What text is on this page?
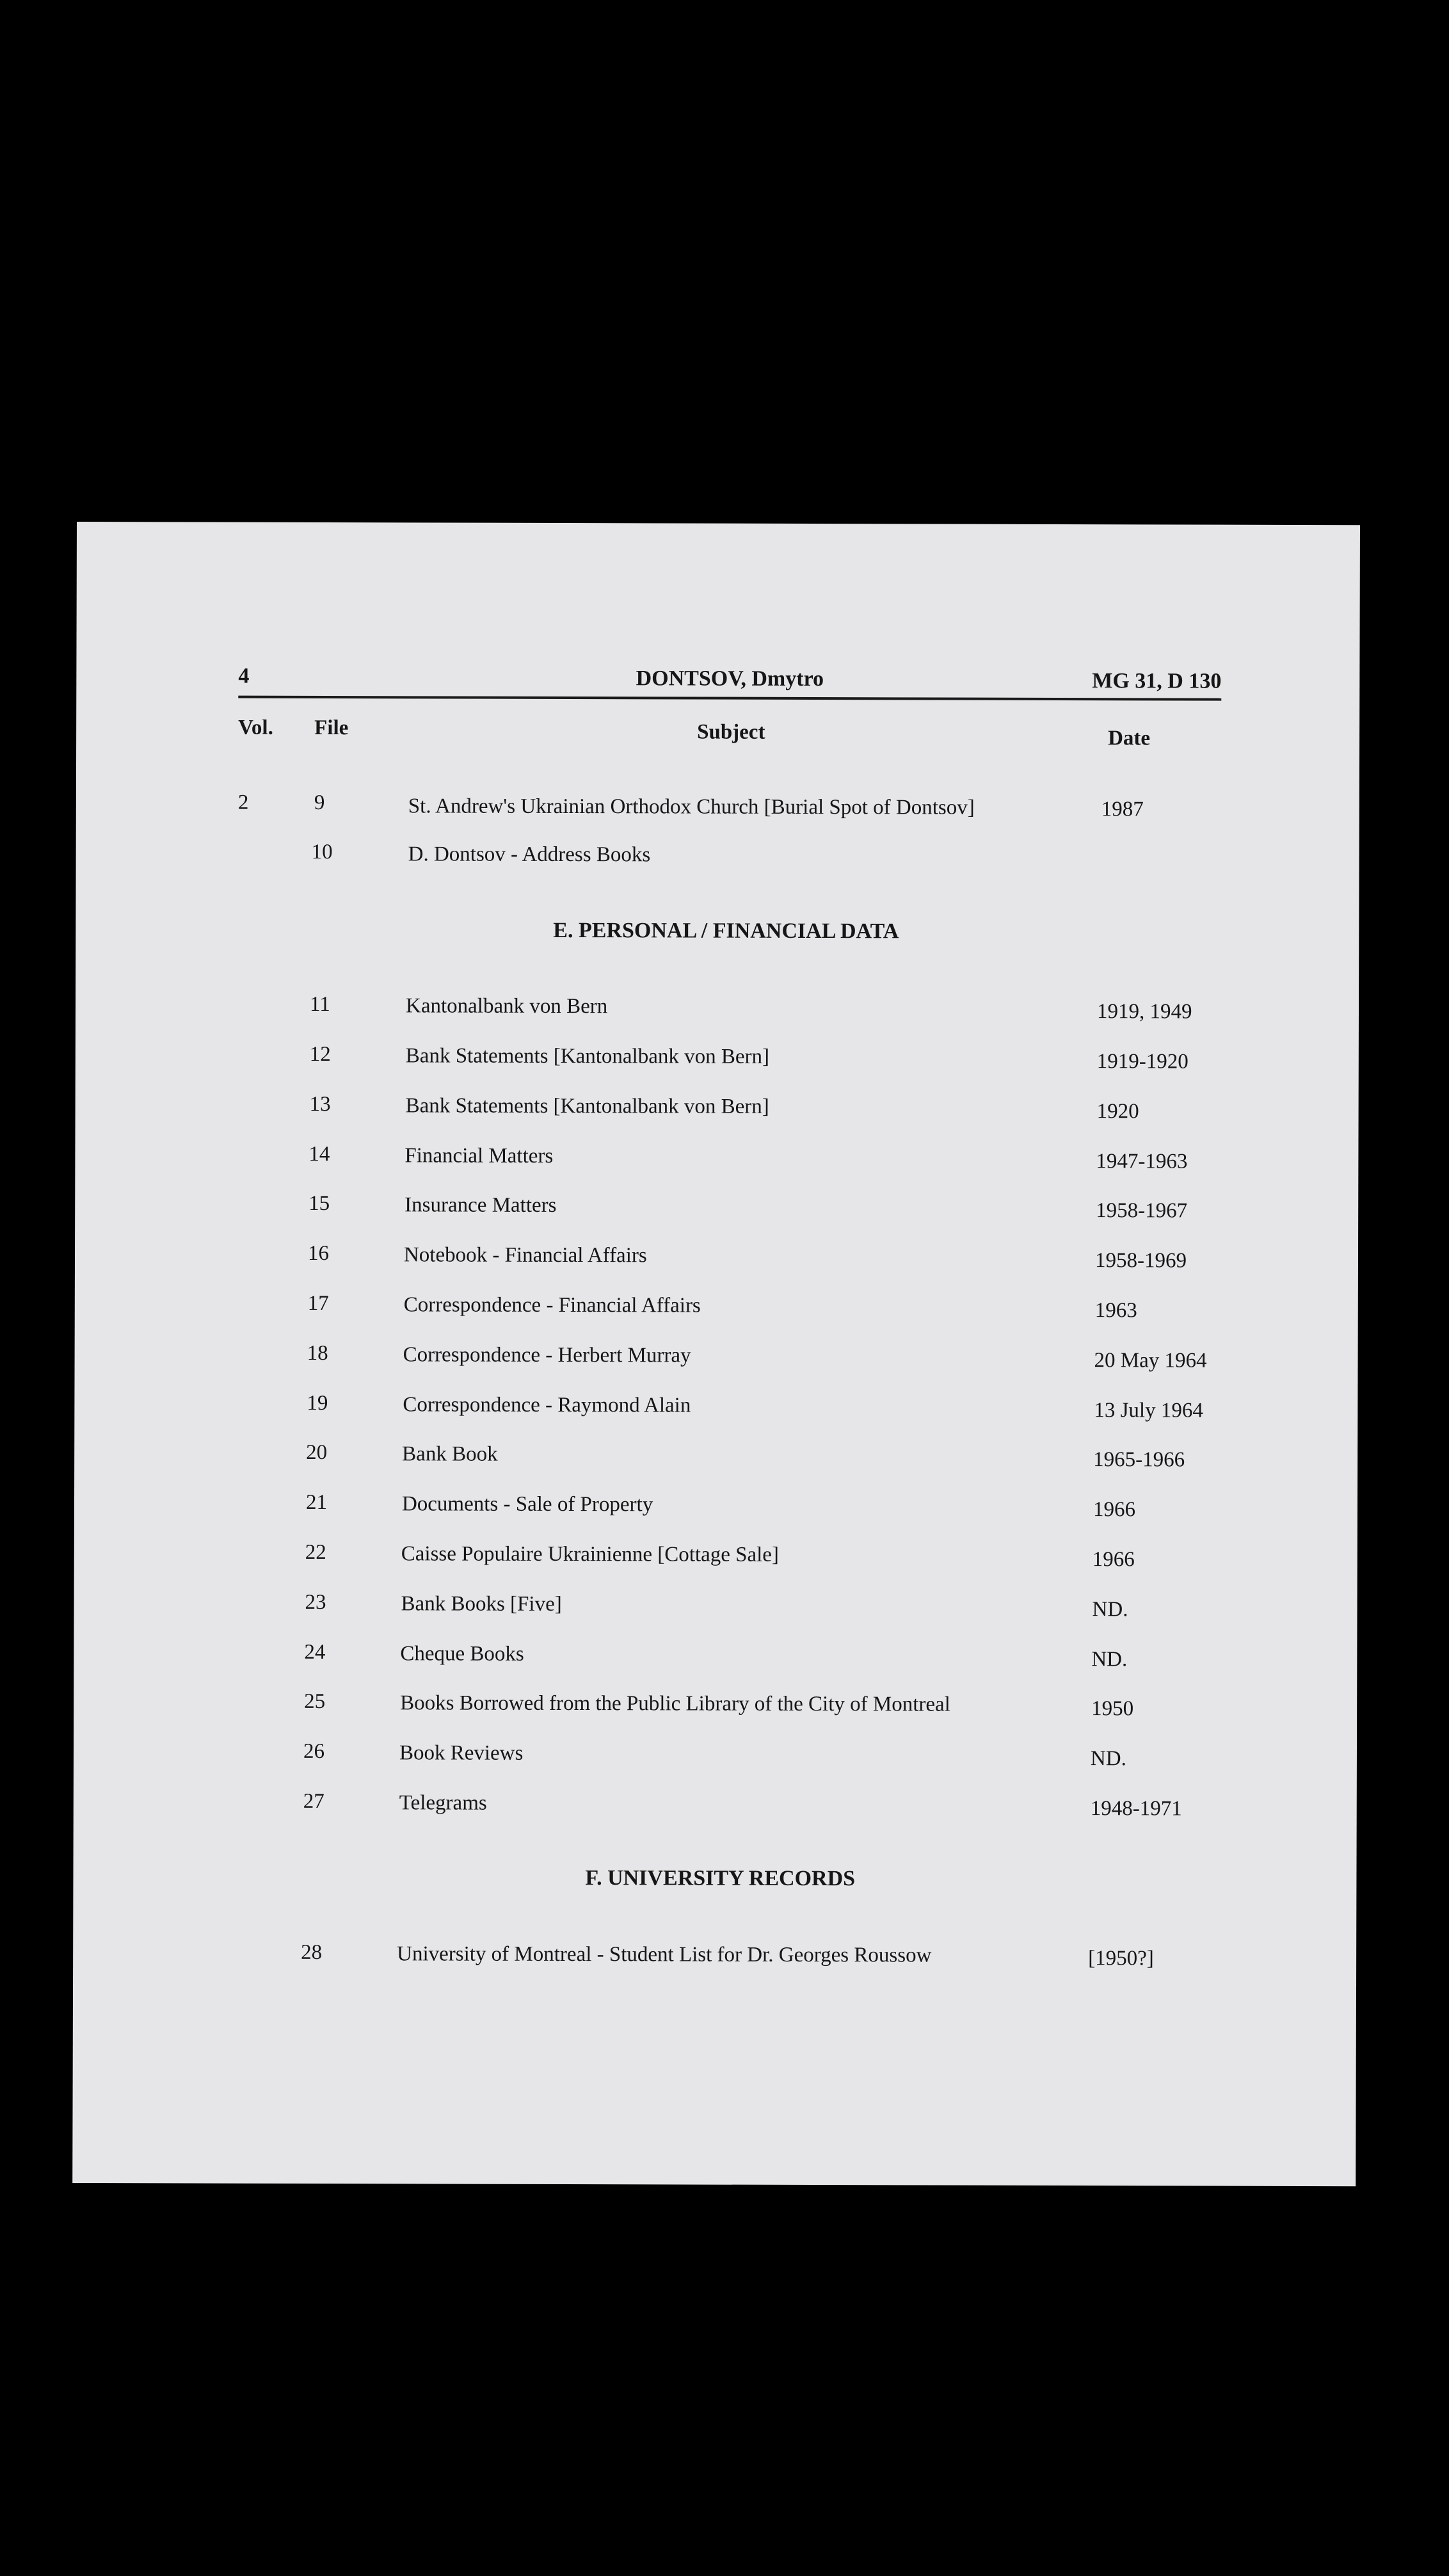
4	DONTSOV, Dmytro	MG 31, D 130
Vol. File	Subject	Date
2	9	St. Andrew's Ukrainian Orthodox Church [Burial Spot of Dontsov]	1987
10	D. Dontsov - Address Books
E. PERSONAL / FINANCIAL DATA
11	Kantonalbank von Bern	1919, 1949
12	Bank Statements [Kantonalbank von Bern]	1919-1920
13	Bank Statements [Kantonalbank von Bern]	1920
14	Financial Matters	1947-1963
15	Insurance Matters	1958-1967
16	Notebook - Financial Affairs	1958-1969
17	Correspondence - Financial Affairs	1963
18	Correspondence - Herbert Murray	20 May 1964
19	Correspondence - Raymond Alain	13 July 1964
20	Bank Book	1965-1966
21	Documents - Sale of Property	1966
22	Caisse Populaire Ukrainienne [Cottage Sale]	1966
23	Bank Books [Five]	ND.
24	Cheque Books	ND.
25	Books Borrowed from the Public Library of the City of Montreal	1950
26	Book Reviews	ND.
27	Telegrams	1948-1971
F. UNIVERSITY RECORDS
28	University of Montreal - Student List for Dr. Georges Roussow	[1950?]
